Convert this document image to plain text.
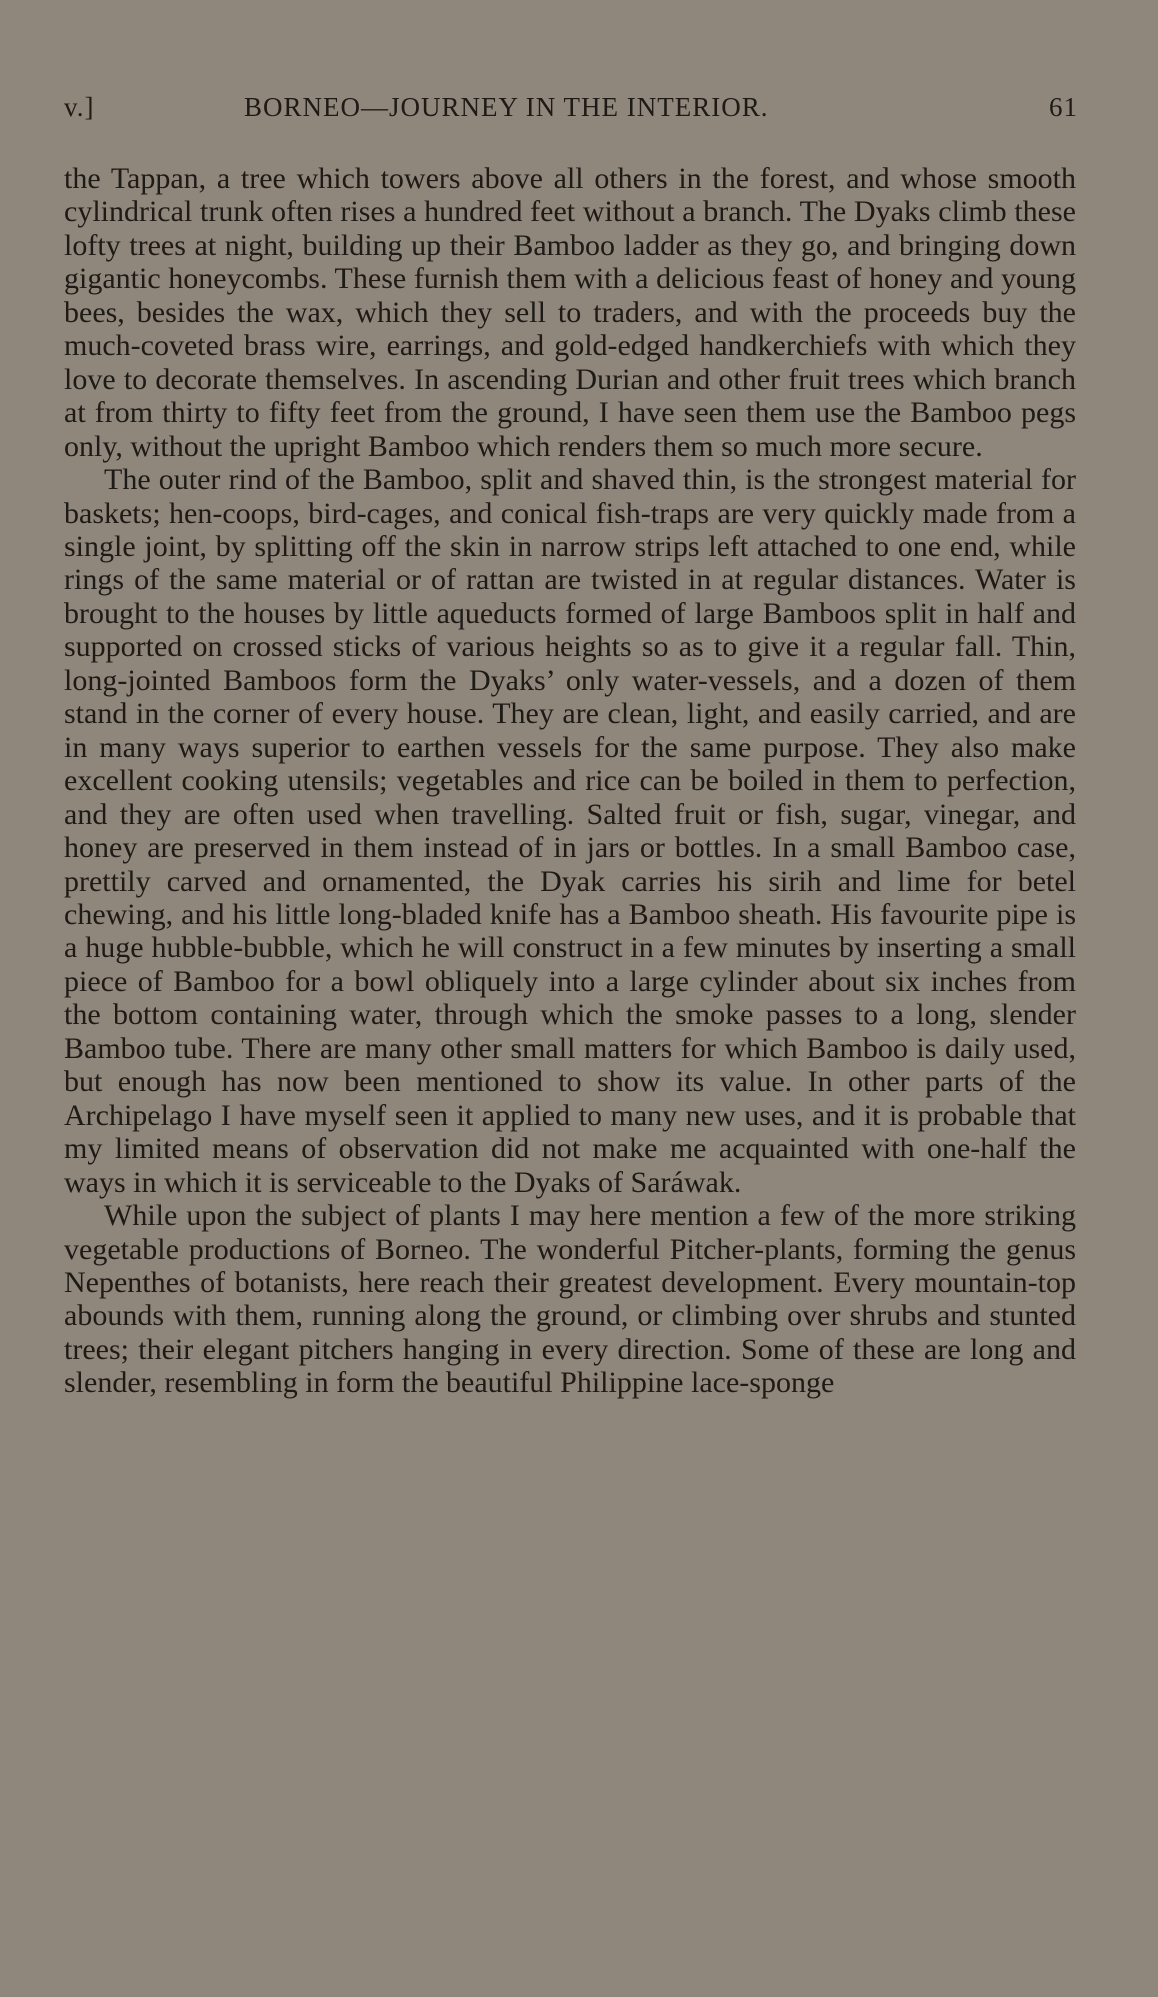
v.]	BORNEO—JOURNEY IN THE INTERIOR.	61

the Tappan, a tree which towers above all others in the forest, and whose smooth cylindrical trunk often rises a hundred feet without a branch. The Dyaks climb these lofty trees at night, building up their Bamboo ladder as they go, and bringing down gigantic honeycombs. These furnish them with a delicious feast of honey and young bees, besides the wax, which they sell to traders, and with the proceeds buy the much-coveted brass wire, earrings, and gold-edged handkerchiefs with which they love to decorate themselves. In ascending Durian and other fruit trees which branch at from thirty to fifty feet from the ground, I have seen them use the Bamboo pegs only, without the upright Bamboo which renders them so much more secure.

The outer rind of the Bamboo, split and shaved thin, is the strongest material for baskets; hen-coops, bird-cages, and conical fish-traps are very quickly made from a single joint, by splitting off the skin in narrow strips left attached to one end, while rings of the same material or of rattan are twisted in at regular distances. Water is brought to the houses by little aqueducts formed of large Bamboos split in half and supported on crossed sticks of various heights so as to give it a regular fall. Thin, long-jointed Bamboos form the Dyaks’ only water-vessels, and a dozen of them stand in the corner of every house. They are clean, light, and easily carried, and are in many ways superior to earthen vessels for the same purpose. They also make excellent cooking utensils; vegetables and rice can be boiled in them to perfection, and they are often used when travelling. Salted fruit or fish, sugar, vinegar, and honey are preserved in them instead of in jars or bottles. In a small Bamboo case, prettily carved and ornamented, the Dyak carries his sirih and lime for betel chewing, and his little long-bladed knife has a Bamboo sheath. His favourite pipe is a huge hubble-bubble, which he will construct in a few minutes by inserting a small piece of Bamboo for a bowl obliquely into a large cylinder about six inches from the bottom containing water, through which the smoke passes to a long, slender Bamboo tube. There are many other small matters for which Bamboo is daily used, but enough has now been mentioned to show its value. In other parts of the Archipelago I have myself seen it applied to many new uses, and it is probable that my limited means of observation did not make me acquainted with one-half the ways in which it is serviceable to the Dyaks of Saráwak.

While upon the subject of plants I may here mention a few of the more striking vegetable productions of Borneo. The wonderful Pitcher-plants, forming the genus Nepenthes of botanists, here reach their greatest development. Every mountain-top abounds with them, running along the ground, or climbing over shrubs and stunted trees; their elegant pitchers hanging in every direction. Some of these are long and slender, resembling in form the beautiful Philippine lace-sponge
